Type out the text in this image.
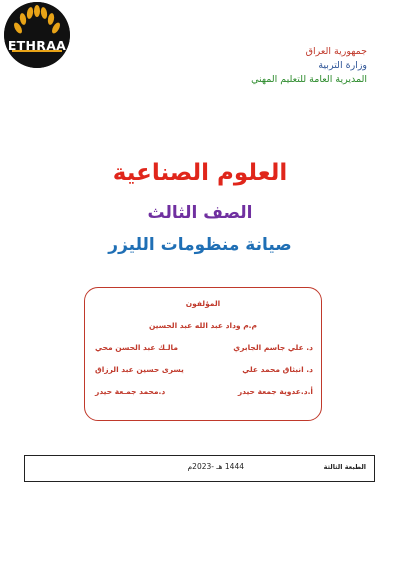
ETHRAA	جمهورية العراق
وزارة التربية
المديرية العامة للتعليم المهني
العلوم الصناعية
الصف الثالث
صيانة منظومات الليزر
المؤلفون
م.م وداد عبد الله عبد الحسين
د. علي جاسم الجابري
مالـك عبد الحسن محي
د. انبثاق محمد علي
يسرى حسين عبد الرزاق
أ.د.عدوية جمعة حيدر
د.محمد جمـعة حيدر
الطبعة الثالثة
1444 هـ -2023م
